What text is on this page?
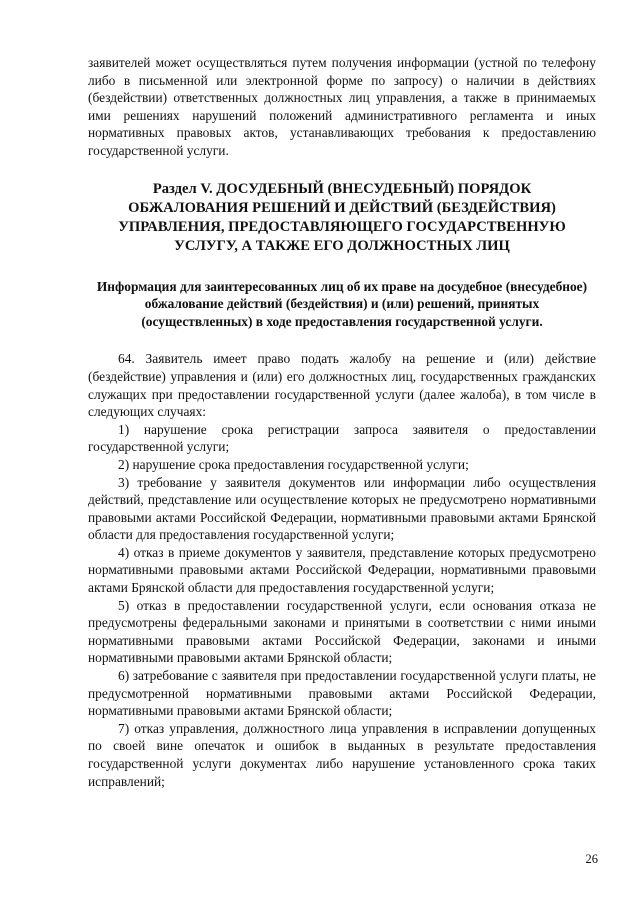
заявителей может осуществляться путем получения информации (устной по телефону либо в письменной или электронной форме по запросу) о наличии в действиях (бездействии) ответственных должностных лиц управления, а также в принимаемых ими решениях нарушений положений административного регламента и иных нормативных правовых актов, устанавливающих требования к предоставлению государственной услуги.

Раздел V. ДОСУДЕБНЫЙ (ВНЕСУДЕБНЫЙ) ПОРЯДОК ОБЖАЛОВАНИЯ РЕШЕНИЙ И ДЕЙСТВИЙ (БЕЗДЕЙСТВИЯ) УПРАВЛЕНИЯ, ПРЕДОСТАВЛЯЮЩЕГО ГОСУДАРСТВЕННУЮ УСЛУГУ, А ТАКЖЕ ЕГО ДОЛЖНОСТНЫХ ЛИЦ
Информация для заинтересованных лиц об их праве на досудебное (внесудебное) обжалование действий (бездействия) и (или) решений, принятых (осуществленных) в ходе предоставления государственной услуги.

64. Заявитель имеет право подать жалобу на решение и (или) действие (бездействие) управления и (или) его должностных лиц, государственных гражданских служащих при предоставлении государственной услуги (далее жалоба), в том числе в следующих случаях:

1) нарушение срока регистрации запроса заявителя о предоставлении государственной услуги;

2) нарушение срока предоставления государственной услуги;

3) требование у заявителя документов или информации либо осуществления действий, представление или осуществление которых не предусмотрено нормативными правовыми актами Российской Федерации, нормативными правовыми актами Брянской области для предоставления государственной услуги;

4) отказ в приеме документов у заявителя, представление которых предусмотрено нормативными правовыми актами Российской Федерации, нормативными правовыми актами Брянской области для предоставления государственной услуги;

5) отказ в предоставлении государственной услуги, если основания отказа не предусмотрены федеральными законами и принятыми в соответствии с ними иными нормативными правовыми актами Российской Федерации, законами и иными нормативными правовыми актами Брянской области;

6) затребование с заявителя при предоставлении государственной услуги платы, не предусмотренной нормативными правовыми актами Российской Федерации, нормативными правовыми актами Брянской области;

7) отказ управления, должностного лица управления в исправлении допущенных по своей вине опечаток и ошибок в выданных в результате предоставления государственной услуги документах либо нарушение установленного срока таких исправлений;

26
